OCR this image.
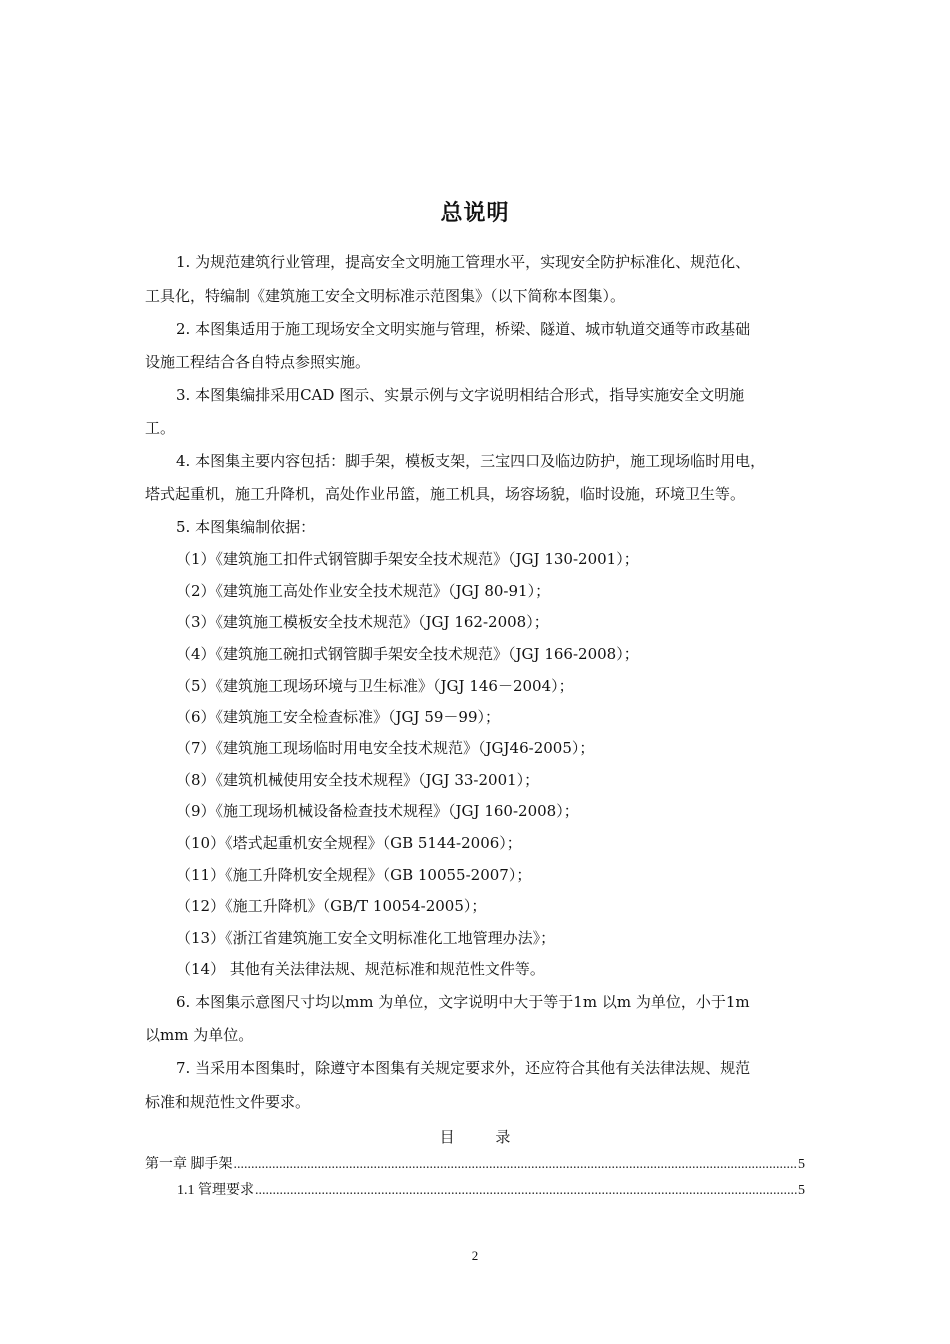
总说明
1. 为规范建筑行业管理，提高安全文明施工管理水平，实现安全防护标准化、规范化、
工具化，特编制《建筑施工安全文明标准示范图集》（以下简称本图集）。
2. 本图集适用于施工现场安全文明实施与管理，桥梁、隧道、城市轨道交通等市政基础
设施工程结合各自特点参照实施。
3. 本图集编排采用CAD 图示、实景示例与文字说明相结合形式，指导实施安全文明施
工。
4. 本图集主要内容包括：脚手架，模板支架，三宝四口及临边防护，施工现场临时用电，
塔式起重机，施工升降机，高处作业吊篮，施工机具，场容场貌，临时设施，环境卫生等。
5. 本图集编制依据：
（1）《建筑施工扣件式钢管脚手架安全技术规范》（JGJ 130-2001）；
（2）《建筑施工高处作业安全技术规范》（JGJ 80-91）；
（3）《建筑施工模板安全技术规范》（JGJ 162-2008）；
（4）《建筑施工碗扣式钢管脚手架安全技术规范》（JGJ 166-2008）；
（5）《建筑施工现场环境与卫生标准》（JGJ 146－2004）；
（6）《建筑施工安全检查标准》（JGJ 59－99）；
（7）《建筑施工现场临时用电安全技术规范》（JGJ46-2005）；
（8）《建筑机械使用安全技术规程》（JGJ 33-2001）；
（9）《施工现场机械设备检查技术规程》（JGJ 160-2008）；
（10）《塔式起重机安全规程》（GB 5144-2006）；
（11）《施工升降机安全规程》（GB 10055-2007）；
（12）《施工升降机》（GB/T 10054-2005）；
（13）《浙江省建筑施工安全文明标准化工地管理办法》；
（14） 其他有关法律法规、规范标准和规范性文件等。
6. 本图集示意图尺寸均以mm 为单位，文字说明中大于等于1m 以m 为单位，小于1m
以mm 为单位。
7. 当采用本图集时，除遵守本图集有关规定要求外，还应符合其他有关法律法规、规范
标准和规范性文件要求。
目 录
第一章 脚手架 .....	5
1.1 管理要求 .....	5
2
